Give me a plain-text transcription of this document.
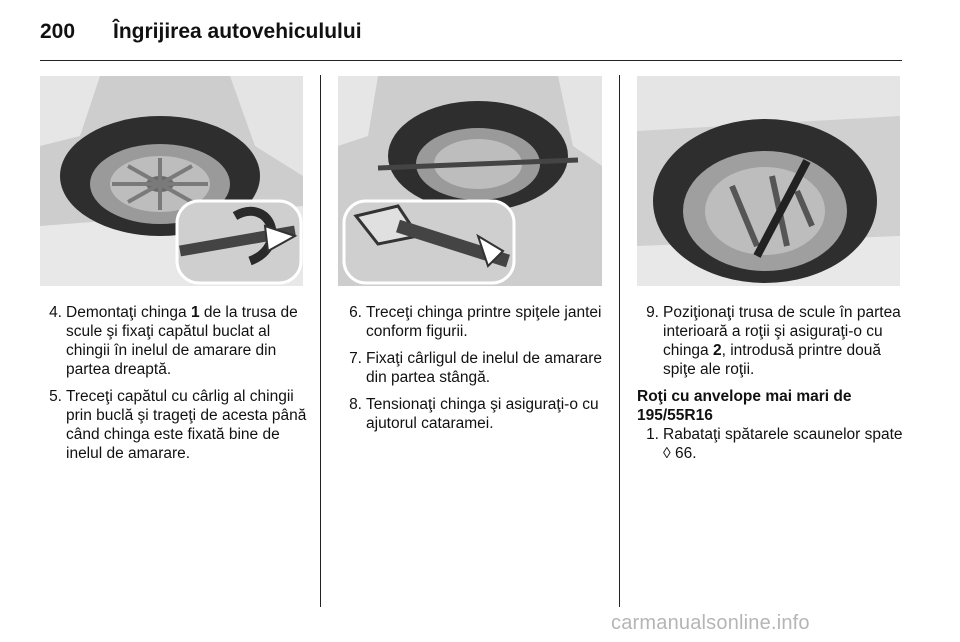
200 Îngrijirea autovehiculului
4. Demontaţi chinga 1 de la trusa de scule şi fixaţi capătul buclat al chingii în inelul de amarare din partea dreaptă.
5. Treceţi capătul cu cârlig al chingii prin buclă şi trageţi de acesta până când chinga este fixată bine de inelul de amarare.
6. Treceţi chinga printre spiţele jantei conform figurii.
7. Fixaţi cârligul de inelul de amarare din partea stângă.
8. Tensionaţi chinga şi asiguraţi-o cu ajutorul cataramei.
9. Poziţionaţi trusa de scule în partea interioară a roţii şi asiguraţi-o cu chinga 2, introdusă printre două spiţe ale roţii.
Roţi cu anvelope mai mari de 195/55R16
1. Rabataţi spătarele scaunelor spate ◊ 66.
carmanualsonline.info
